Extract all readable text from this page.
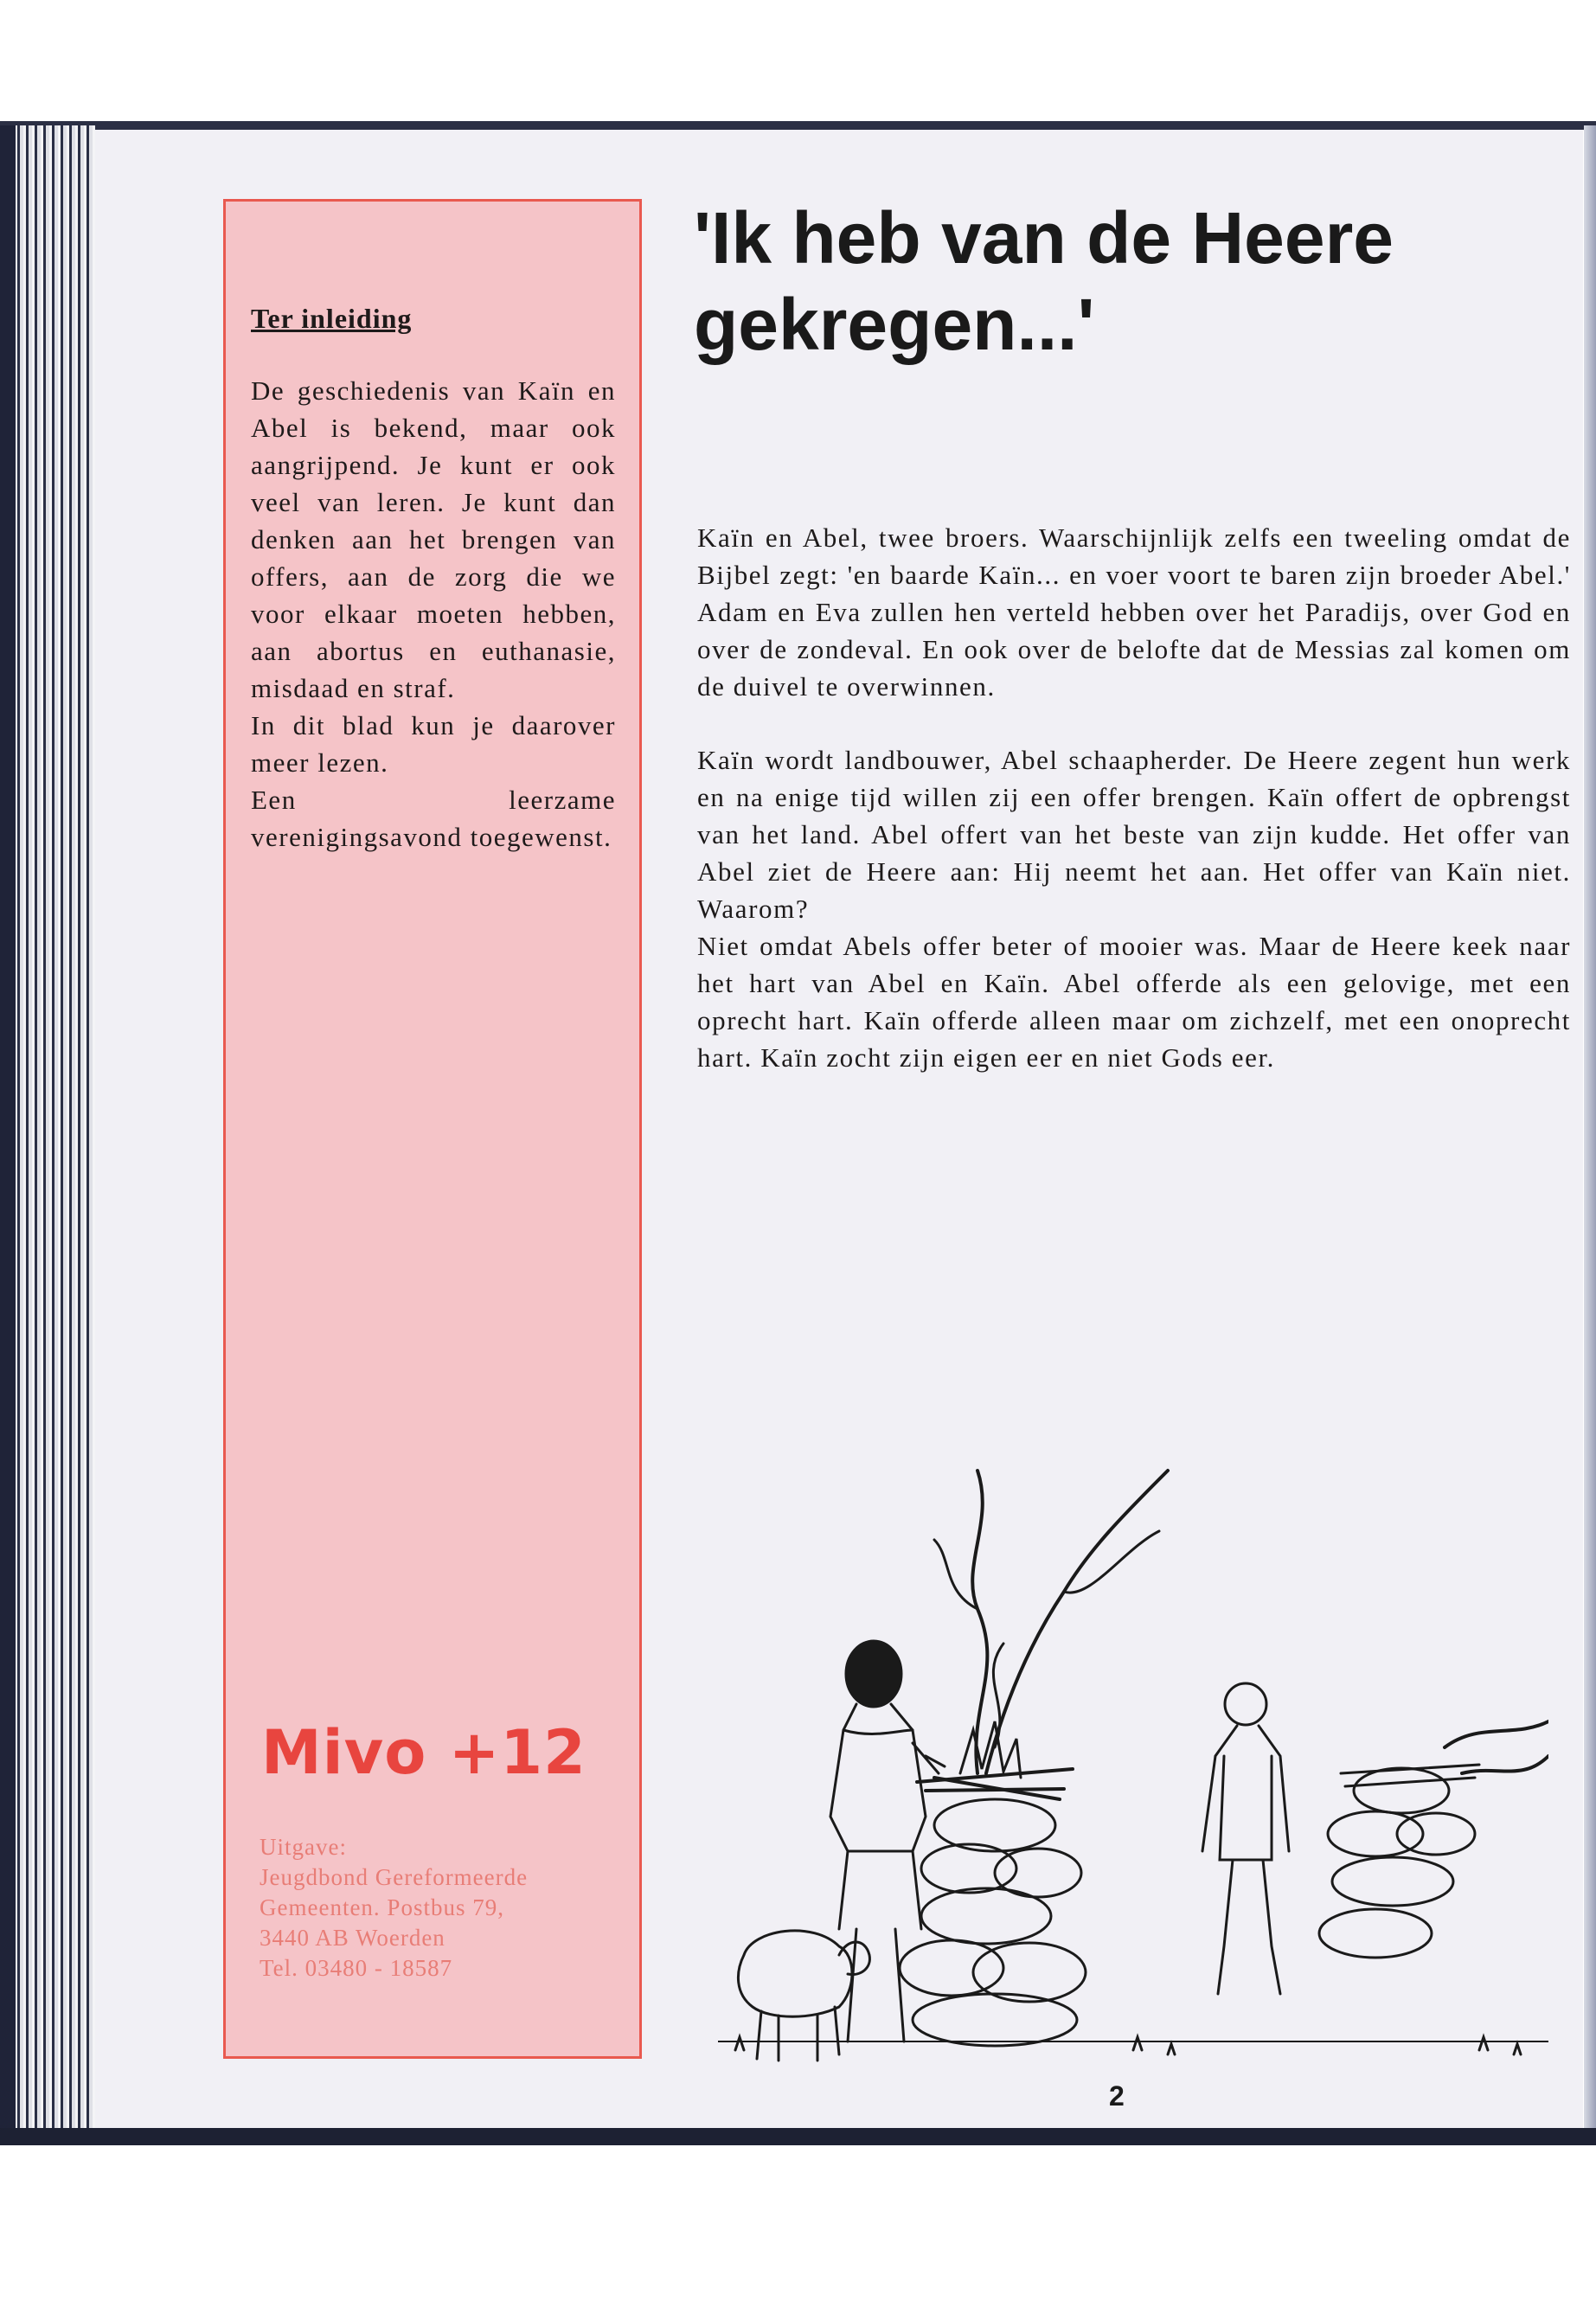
Ter inleiding

De geschiedenis van Kaïn en Abel is bekend, maar ook aangrijpend. Je kunt er ook veel van leren. Je kunt dan denken aan het brengen van offers, aan de zorg die we voor elkaar moeten hebben, aan abortus en euthanasie, misdaad en straf.

In dit blad kun je daarover meer lezen.

Een leerzame verenigingsavond toegewenst.

Mivo +12
Uitgave:
Jeugdbond Gereformeerde
Gemeenten. Postbus 79,
3440 AB Woerden
Tel. 03480 - 18587
'Ik heb van de Heere gekregen...'

Kaïn en Abel, twee broers. Waarschijnlijk zelfs een tweeling omdat de Bijbel zegt: 'en baarde Kaïn... en voer voort te baren zijn broeder Abel.' Adam en Eva zullen hen verteld hebben over het Paradijs, over God en over de zondeval. En ook over de belofte dat de Messias zal komen om de duivel te overwinnen.

Kaïn wordt landbouwer, Abel schaapherder. De Heere zegent hun werk en na enige tijd willen zij een offer brengen. Kaïn offert de opbrengst van het land. Abel offert van het beste van zijn kudde. Het offer van Abel ziet de Heere aan: Hij neemt het aan. Het offer van Kaïn niet. Waarom?

Niet omdat Abels offer beter of mooier was. Maar de Heere keek naar het hart van Abel en Kaïn. Abel offerde als een gelovige, met een oprecht hart. Kaïn offerde alleen maar om zichzelf, met een onoprecht hart. Kaïn zocht zijn eigen eer en niet Gods eer.

2
